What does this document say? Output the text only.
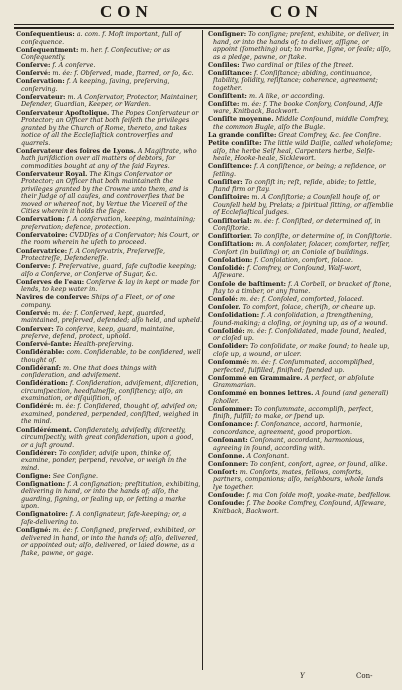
CON	CON
Conſequentieus: a. com. f. Moſt important, full of conſequence.
Conſequentment: m. her. f. Conſecutive; or as Conſequently.
Conſerve: f. A conſerve.
Conſervé: m. ée: f. Obſerved, made, ſtarred, or ſo, &c.
Conſervation: f. A keeping, ſaving, preſerving, conſerving.
Conſervateur: m. A Conſervator, Protector, Maintainer, Defender, Guardian, Keeper, or Warden.
Conſervateur Apoſtolique. The Popes Conſervateur or Protector; an Officer that both ſeiſeth the privileges granted by the Church of Rome, thereto, and takes notice of all the Eccleſiaſtick controverſies and quarrels.
Conſervateur des foires de Lyons. A Magiſtrate, who hath juriſdiction over all matters of debtors, for commodities bought at any of the ſaid Fayres.
Conſervateur Royal. The Kings Conſervator or Protector; an Officer that both maintaineth the privileges granted by the Crowne unto them, and is their Judge of all cauſes, and controverſies that be moved or whereof not, by Vertue the Vicereil of the Cities wherein it holds the ſiege.
Conſervation: f. A conſervation, keeping, maintaining; preſervation; defence, protection.
Conſervatoire: CVDDſes of a Conſervator; his Court, or the room wherein he uſeth to proceed.
Conſervatrice: f. A Conſervatrix, Preſerveſſe, Protectreſſe, Defendereſſe.
Conſerve: f. Preſervative, guard, ſafe cuſtodie keeping; alſo a Conſerve, or Conſerve of Sugar, &c.
Conſerves de l'eau: Conſerve & lay in kept or made for lends, to keep water in.
Navires de conſerve: Ships of a Fleet, or of one company.
Conſervé: m. ée: f. Conſerved, kept, guarded, maintained, preſerved, defended; alſo held, and upheld.
Conſerver: To conſerve, keep, guard, maintaine, preſerve, defend, protect, uphold.
Conſervé-ſante: Health-preſerving.
Conſidérable: com. Conſiderable, to be conſidered, well thought of.
Conſidéranſ: m. One that does things with conſideration, and adviſement.
Conſidération: f. Conſideration, adviſement, diſcretion, circumſpection, heedfulneſſe, conſiſtency; alſo, an examination, or diſquiſition, of.
Conſidéré: m. ée: f. Conſidered, thought of, adviſed on; examined, pondered, perpended, conſiſted, weighed in the mind.
Conſidérément. Conſiderately, adviſedly, diſcreetly, circumſpectly, with great conſideration, upon a good, or a juſt ground.
Conſidérer: To conſider, adviſe upon, thinke of, examine, ponder, perpend, revolve, or weigh in the mind.
Conſigne: See Conſigne.
Conſignation: f. A conſignation; preſtitution, exhibiting, delivering in hand, or into the hands of; alſo, the guarding, ſigning, or ſealing up, or ſetting a marke upon.
Conſignatoire: f. A conſignateur, ſafe-keeping; or, a ſafe-delivering to.
Conſigné: m. ée: f. Conſigned, preſerved, exhibited, or delivered in hand, or into the hands of; alſo, delivered, or appointed out; alſo, delivered, or laied downe, as a ſtake, pawne, or gage.
Conſigner: To conſigne; preſent, exhibite, or deliver, in hand, or into the hands of; to deliver, aſſigne, or appoint (ſomething) out; to marke, ſigne, or ſeale; alſo, as a pledge, pawne, or ſtake.
Conſiles: Two cardinal or ſtiles of the ſtreet.
Conſiſtance: f. Conſiſtance; abiding, continuance, ſtability, ſolidity, reſiſtance; coherence, agreement; together.
Conſiſtent: m. A like, or according.
Conſiſte: m. ée: f. The booke Conſory, Conſound, Aſſe ware, Knitback, Backwort.
Conſiſte moyenne. Middle Conſound, middle Comfrey, the common Bugle, alſo the Bugle.
La grande conſiſte: Great Comfrey, &c. ſee Conſire.
Petite conſiſte: The little wild Daiſie, called wholeſome; alſo, the herbe Self heal, Carpenters herbe, Selfe-heale, Hooke-heale, Sicklewort.
Conſiſtence: f. A conſiſtence, or being; a reſidence, or ſetling.
Conſiſter: To conſiſt in; reſt, reſide, abide; to ſettle, ſtand firm or ſtay.
Conſiſtoire: m. A Conſiſtorie; a Counſell houſe of, or Counſell held by, Prelats; a ſpiritual ſitting, or aſſemblie of Eccleſiaſtical judges.
Conſiſtorial: m. ée: f. Conſiſted, or determined of, in Conſiſtorie.
Conſiſtorier. To conſiſte, or determine of, in Conſiſtorie.
Conſiſtation: m. A conſolater, ſolacer, comforter, reſſer, Conſort (in building) or, an Coniole of buildings.
Conſolation: f. Conſolation, comfort, ſolace.
Conſolidé: f. Comfrey, or Conſound, Walſ-wort, Aſſeware.
Conſole de baſtiment: f. A Corbell, or bracket of ſtone, ſtay to a timber, or any frame.
Conſolé: m. ée: f. Conſoled, comforted, ſolaced.
Conſoler. To comfort, ſolace, cheriſh, or cheare up.
Conſolidation: f. A conſolidation, a ſtrengthening, ſound-making; a cloſing, or joyning up, as of a wound.
Conſolidé: m. ée: f. Conſolidated, made ſound, healed, or cloſed up.
Conſolider: To conſolidate, or make ſound; to heale up, cloſe up, a wound, or ulcer.
Conſommé: m. ée: f. Conſummated, accompliſhed, perfected, fulfilled, finiſhed; ſpended up.
Conſommé en Grammaire. A perfect, or abſolute Grammarian.
Conſommé en bonnes lettres. A ſound (and generall) ſcholler.
Conſommer: To conſummate, accompliſh, perfect, finiſh, fulfill; to make, or ſpend up.
Conſonance: f. Conſonance, accord, harmonie, concordance, agreement, good proportion.
Conſonant: Conſonant, accordant, harmonious, agreeing in ſound, according with.
Conſonne. A Conſonant.
Conſonner: To conſent, conſort, agree, or ſound, alike.
Conſort: m. Conſorts, mates, fellows, comforts, partners, companions; alſo, neighbours, whole lands lye together.
Conſoude: f. ma Con ſolde moſt, yoake-mate, bedfellow.
Conſoude: f. The booke Comfrey, Conſound, Aſſeware, Knitback, Backwort.
Y	Con-
